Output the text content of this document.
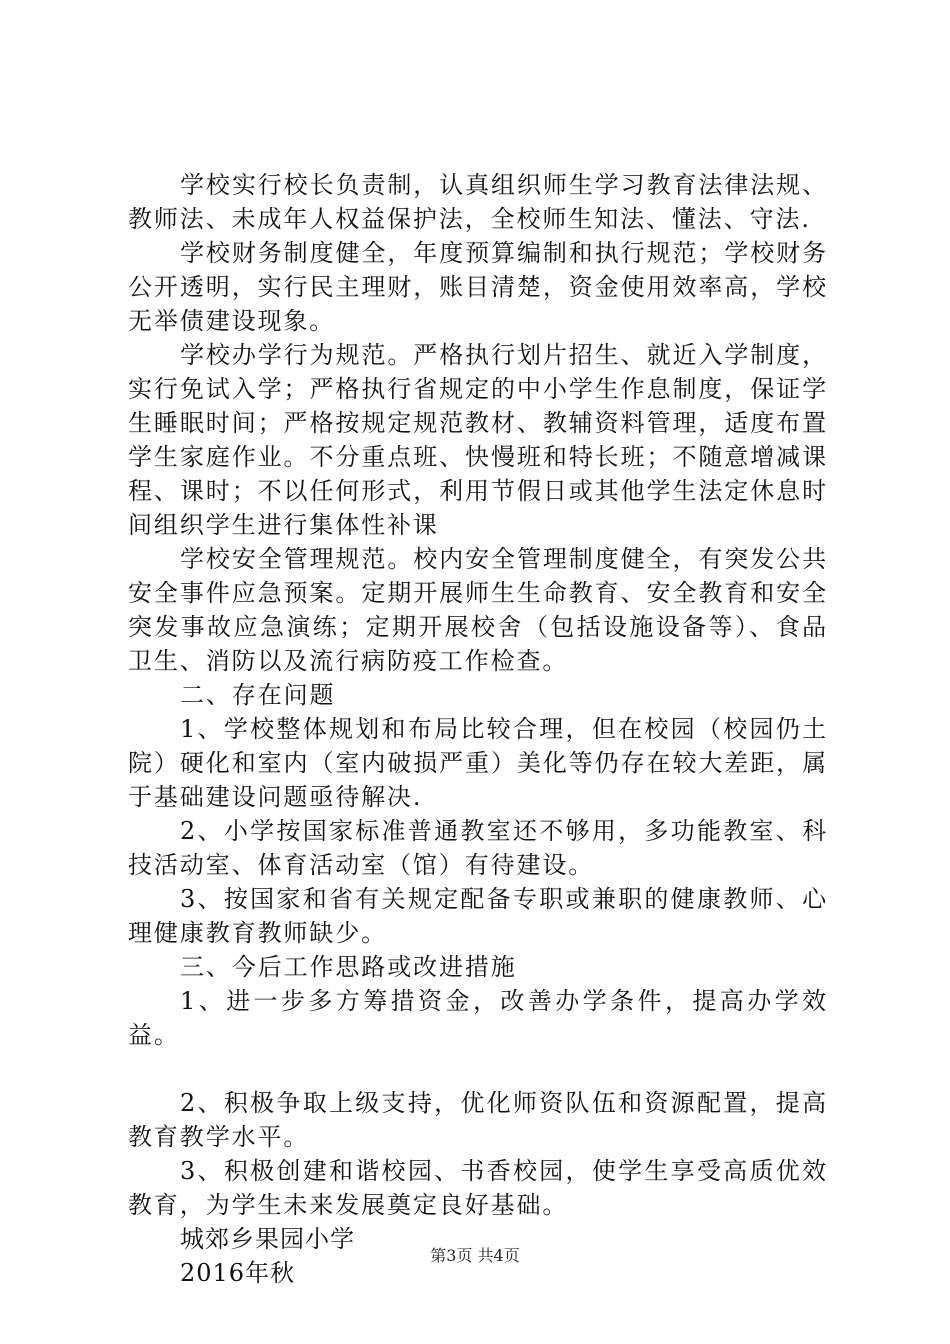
学校实行校长负责制，认真组织师生学习教育法律法规、教师法、未成年人权益保护法，全校师生知法、懂法、守法.

学校财务制度健全，年度预算编制和执行规范；学校财务公开透明，实行民主理财，账目清楚，资金使用效率高，学校无举债建设现象。

学校办学行为规范。严格执行划片招生、就近入学制度，实行免试入学；严格执行省规定的中小学生作息制度，保证学生睡眠时间；严格按规定规范教材、教辅资料管理，适度布置学生家庭作业。不分重点班、快慢班和特长班；不随意增减课程、课时；不以任何形式，利用节假日或其他学生法定休息时间组织学生进行集体性补课

学校安全管理规范。校内安全管理制度健全，有突发公共安全事件应急预案。定期开展师生生命教育、安全教育和安全突发事故应急演练；定期开展校舍（包括设施设备等）、食品卫生、消防以及流行病防疫工作检查。

二、存在问题

1、学校整体规划和布局比较合理，但在校园（校园仍土院）硬化和室内（室内破损严重）美化等仍存在较大差距，属于基础建设问题亟待解决.

2、小学按国家标准普通教室还不够用，多功能教室、科技活动室、体育活动室（馆）有待建设。

3、按国家和省有关规定配备专职或兼职的健康教师、心理健康教育教师缺少。

三、今后工作思路或改进措施

1、进一步多方筹措资金，改善办学条件，提高办学效益。

2、积极争取上级支持，优化师资队伍和资源配置，提高教育教学水平。

3、积极创建和谐校园、书香校园，使学生享受高质优效教育，为学生未来发展奠定良好基础。

城郊乡果园小学

2016年秋

第3页 共4页
